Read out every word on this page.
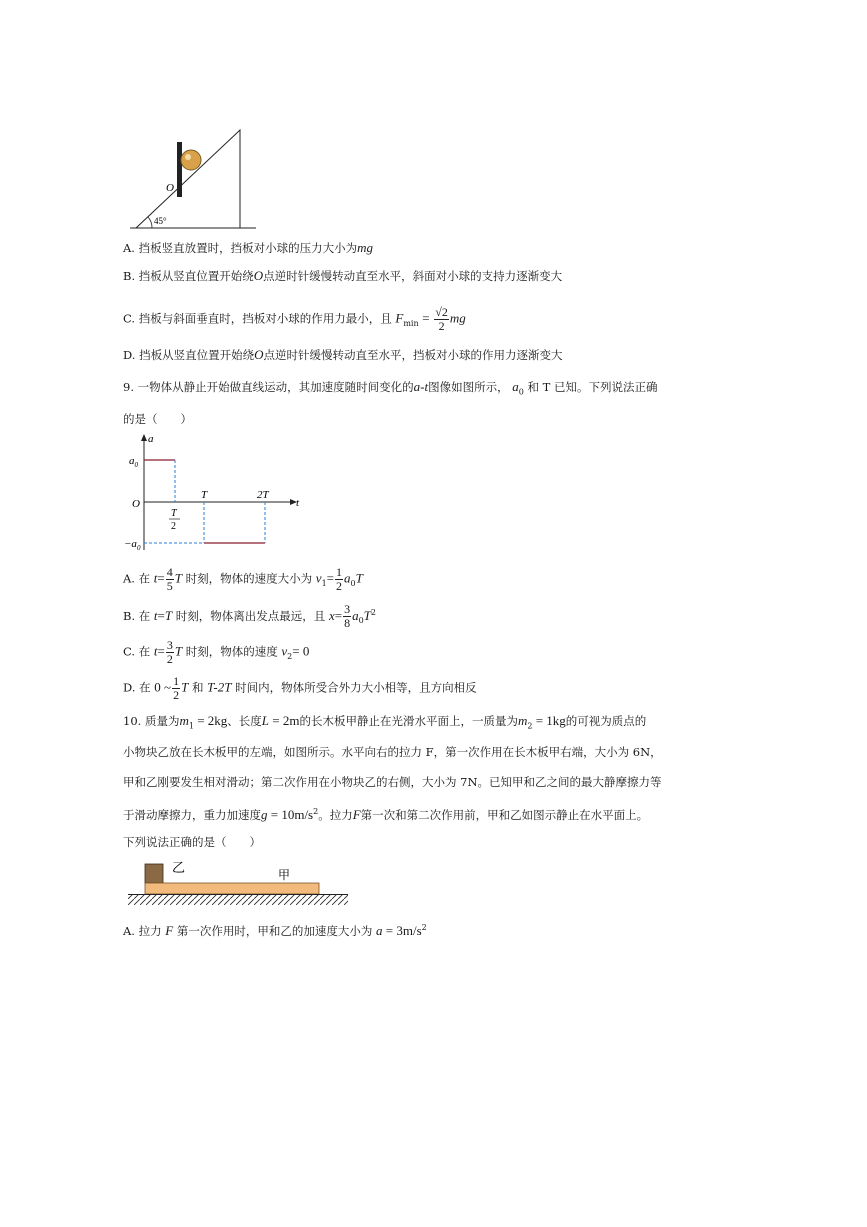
45°
O
A. 挡板竖直放置时，挡板对小球的压力大小为mg
B. 挡板从竖直位置开始绕O点逆时针缓慢转动直至水平，斜面对小球的支持力逐渐变大
C. 挡板与斜面垂直时，挡板对小球的作用力最小，且 $F_{min} = \frac{√2}{2}$ mg
D. 挡板从竖直位置开始绕O点逆时针缓慢转动直至水平，挡板对小球的作用力逐渐变大
9. 一物体从静止开始做直线运动，其加速度随时间变化的a-t图像如图所示， $a_0$ 和 T 已知。下列说法正确
的是（　　）
a
t
O
$a_0$
$-a_0$
T
2
T	2T
A. 在 $t= \frac{4}{5}$ T 时刻，物体的速度大小为 $v_1= \frac{1}{2} a_0T$
B. 在 t=T 时刻，物体离出发点最远，且 $x= \frac{3}{8} a_0T^2$
C. 在 $t= \frac{3}{2}$ T 时刻，物体的速度 $v_2= 0$
D. 在 0 ~ $\frac{1}{2}$ T 和 T-2T 时间内，物体所受合外力大小相等，且方向相反
10. 质量为$m_1 = 2kg$、长度L = 2m的长木板甲静止在光滑水平面上，一质量为$m_2 = 1kg$的可视为质点的
小物块乙放在长木板甲的左端，如图所示。水平向右的拉力 F，第一次作用在长木板甲右端，大小为 6N，
甲和乙刚要发生相对滑动；第二次作用在小物块乙的右侧，大小为 7N。已知甲和乙之间的最大静摩擦力等
于滑动摩擦力，重力加速度$g = 10m/s^2$。拉力F第一次和第二次作用前，甲和乙如图示静止在水平面上。
下列说法正确的是（　　）
乙	甲
A. 拉力 F 第一次作用时，甲和乙的加速度大小为 $a = 3m/s^2$
